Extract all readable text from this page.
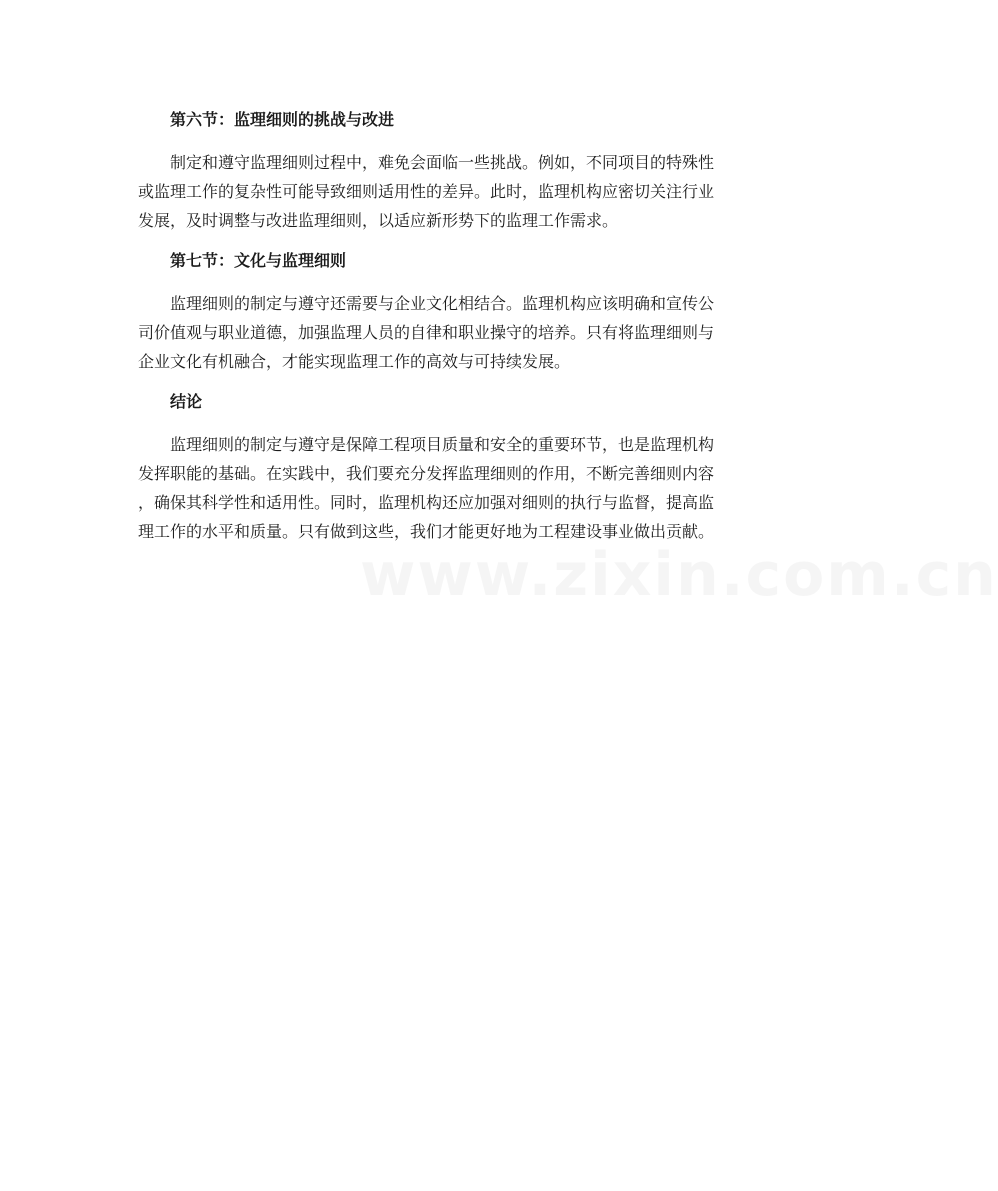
第六节：监理细则的挑战与改进

制定和遵守监理细则过程中，难免会面临一些挑战。例如，不同项目的特殊性
或监理工作的复杂性可能导致细则适用性的差异。此时，监理机构应密切关注行业
发展，及时调整与改进监理细则，以适应新形势下的监理工作需求。

第七节：文化与监理细则

监理细则的制定与遵守还需要与企业文化相结合。监理机构应该明确和宣传公
司价值观与职业道德，加强监理人员的自律和职业操守的培养。只有将监理细则与
企业文化有机融合，才能实现监理工作的高效与可持续发展。

结论

监理细则的制定与遵守是保障工程项目质量和安全的重要环节，也是监理机构
发挥职能的基础。在实践中，我们要充分发挥监理细则的作用，不断完善细则内容
，确保其科学性和适用性。同时，监理机构还应加强对细则的执行与监督，提高监
理工作的水平和质量。只有做到这些，我们才能更好地为工程建设事业做出贡献。

www.zixin.com.cn
